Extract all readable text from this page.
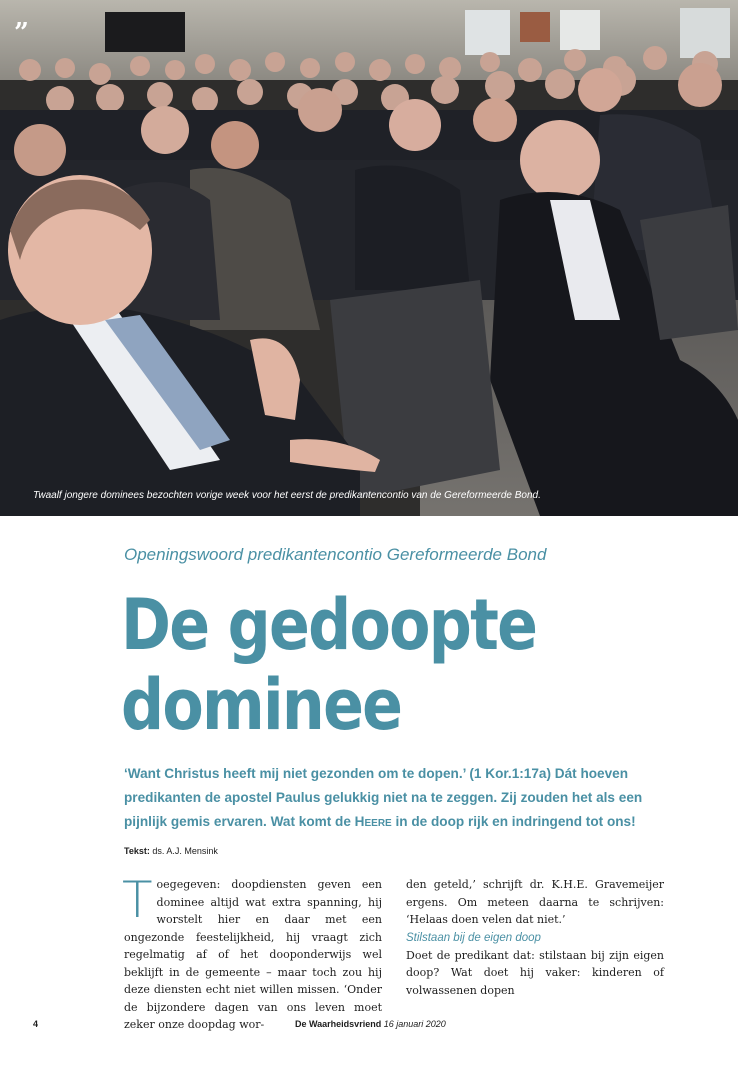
”
Twaalf jongere dominees bezochten vorige week voor het eerst de predikantencontio van de Gereformeerde Bond.
Openingswoord predikantencontio Gereformeerde Bond
De gedoopte
dominee

‘Want Christus heeft mij niet gezonden om te dopen.’ (1 Kor.1:17a) Dát hoeven predikanten de apostel Paulus gelukkig niet na te zeggen. Zij zouden het als een pijnlijk gemis ervaren. Wat komt de Heere in de doop rijk en indringend tot ons!

Tekst: ds. A.J. Mensink

Toegegeven: doopdiensten geven een dominee altijd wat extra spanning, hij worstelt hier en daar met een ongezonde feestelijkheid, hij vraagt zich regelmatig af of het dooponderwijs wel beklijft in de gemeente – maar toch zou hij deze diensten echt niet willen missen. ‘Onder de bijzondere dagen van ons leven moet zeker onze doopdag wor-

den geteld,’ schrijft dr. K.H.E. Gravemeijer ergens. Om meteen daarna te schrijven: ‘Helaas doen velen dat niet.’

Stilstaan bij de eigen doop

Doet de predikant dat: stilstaan bij zijn eigen doop? Wat doet hij vaker: kinderen of volwassenen dopen

4	De Waarheidsvriend 16 januari 2020
